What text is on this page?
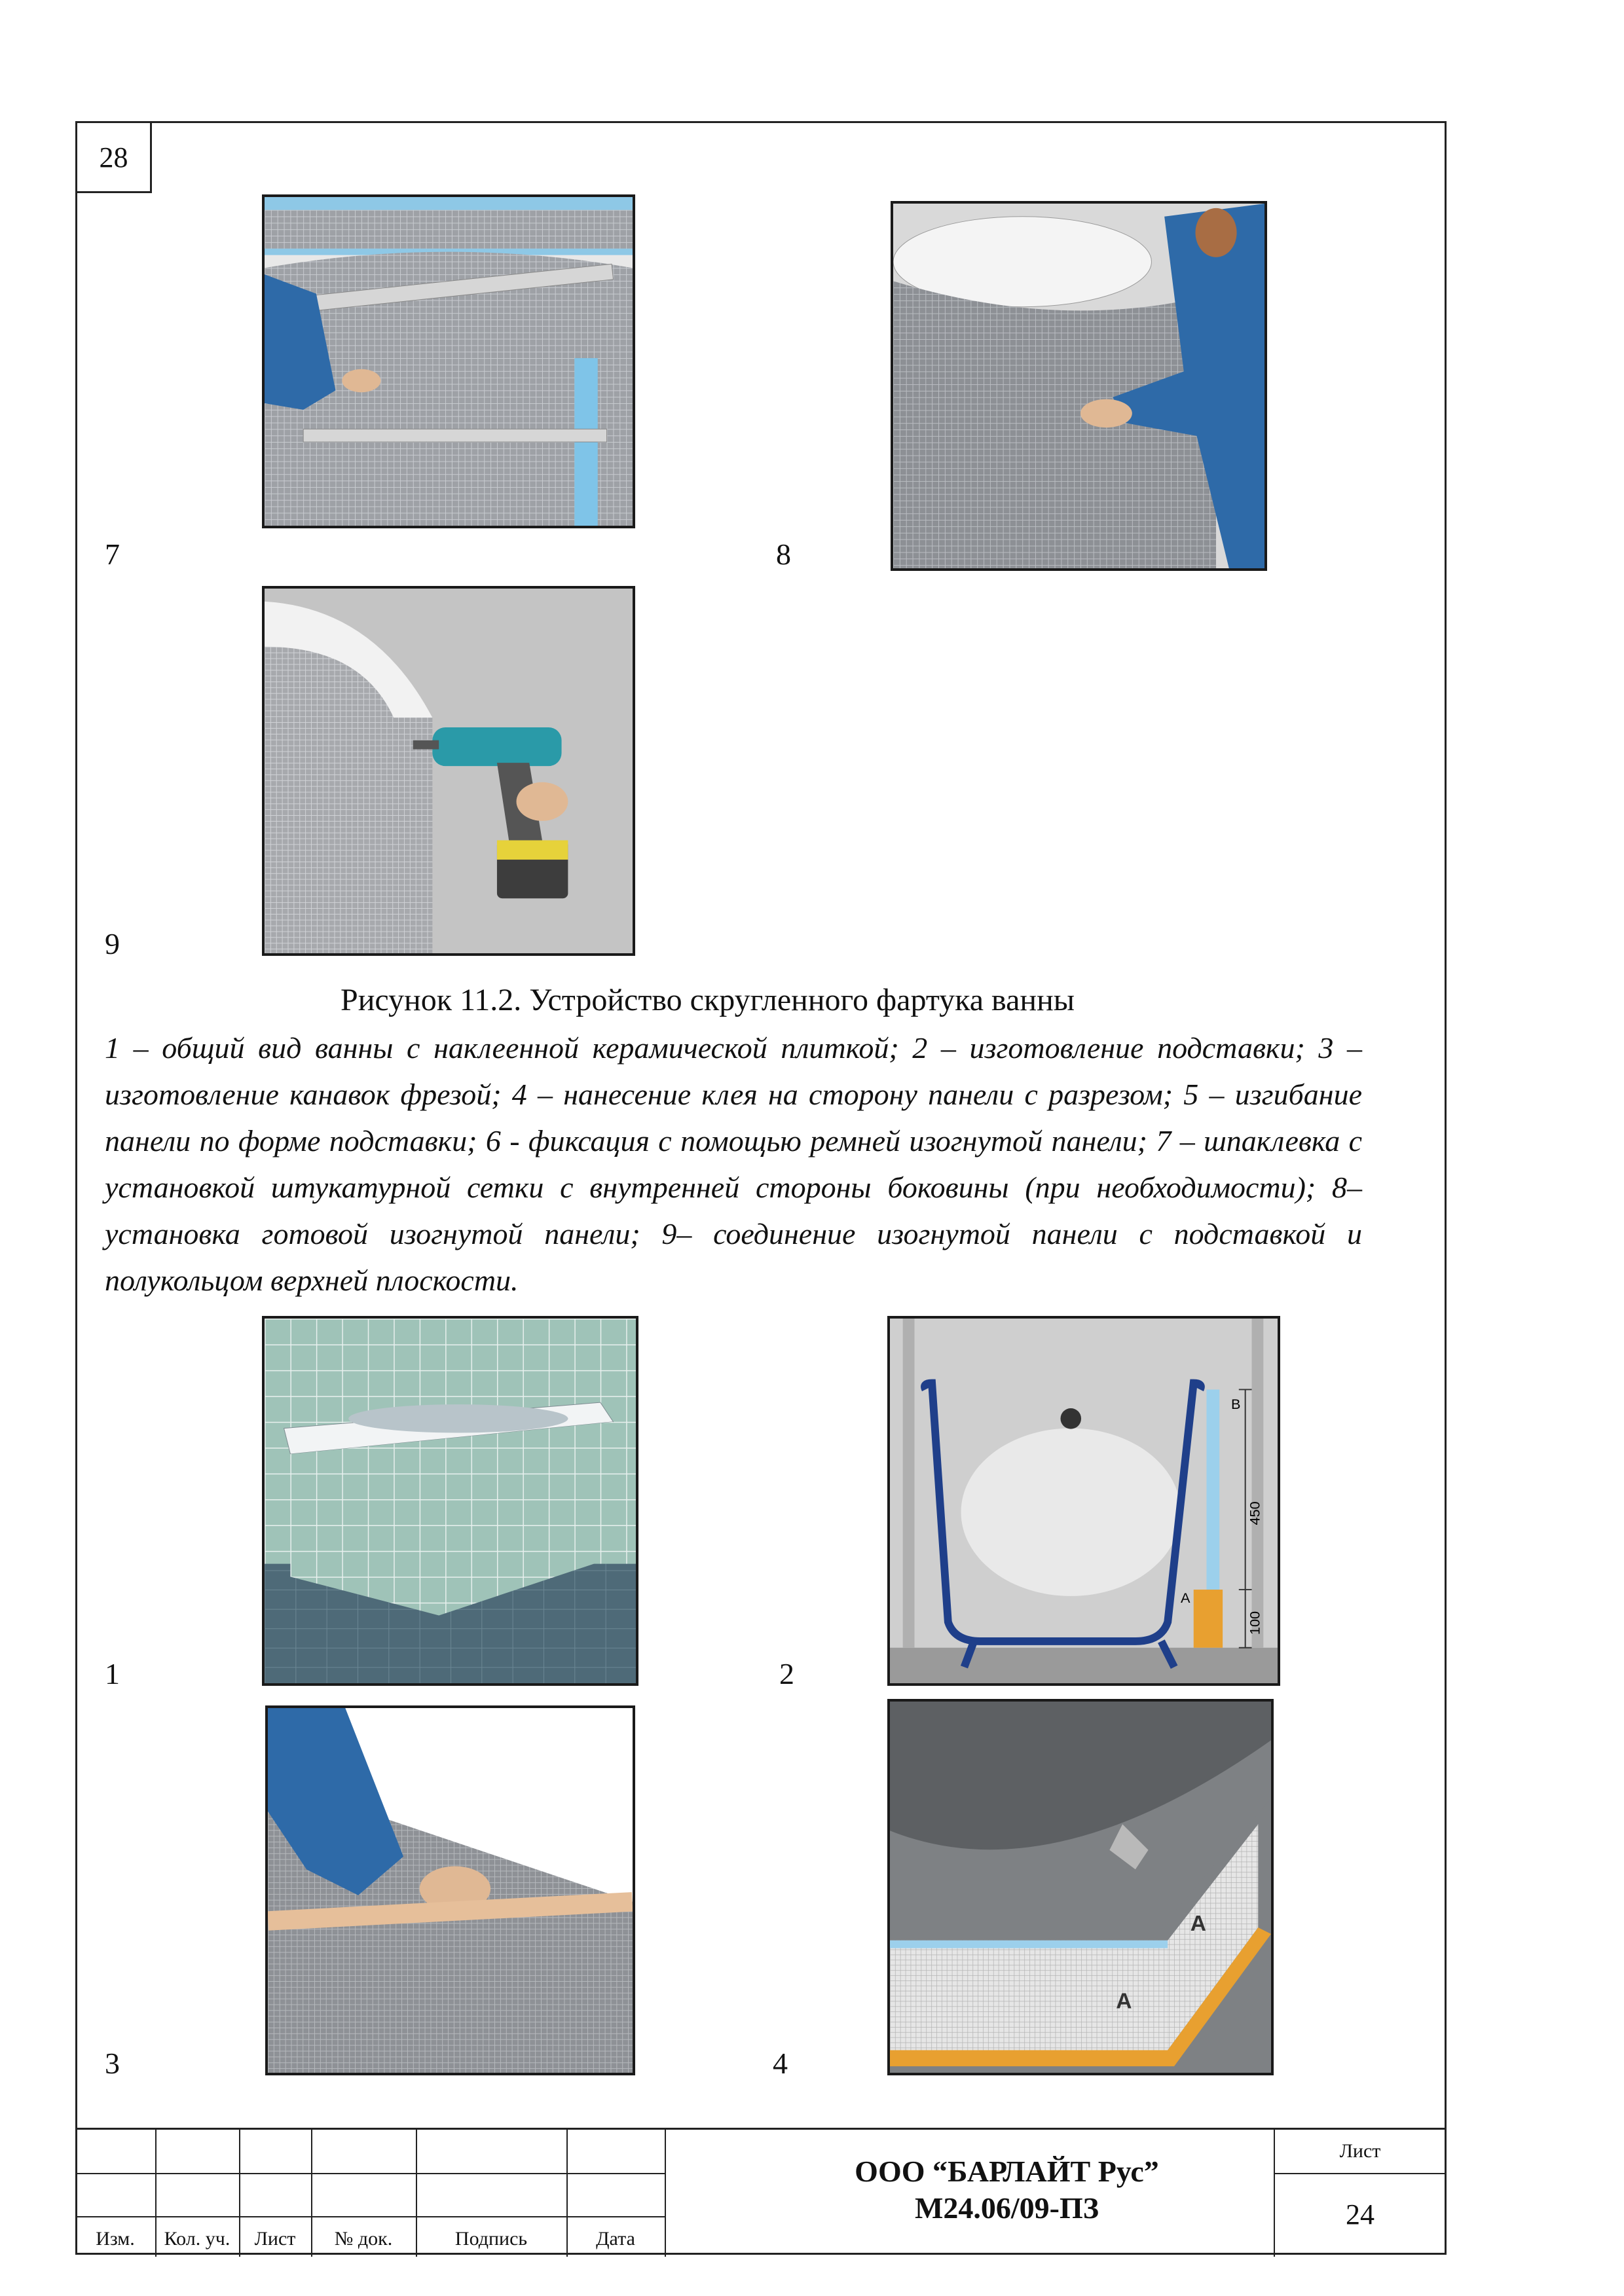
28
7	8
9
Рисунок 11.2. Устройство скругленного фартука ванны

1 – общий вид ванны с наклеенной керамической плиткой; 2 – изготовление подставки; 3 –изготовление канавок фрезой; 4 – нанесение клея на сторону панели с разрезом; 5 – изгибание панели по форме подставки; 6 - фиксация с помощью ремней изогнутой панели; 7 – шпаклевка с установкой штукатурной сетки с внутренней стороны боковины (при необходимости); 8– установка готовой изогнутой панели; 9– соединение изогнутой панели с подставкой и полукольцом верхней плоскости.

1
B
A
450
100
2
3
A
A
4
Изм.	Кол. уч.	Лист	№ док.	Подпись	Дата
ООО “БАРЛАЙТ Рус”
М24.06/09-ПЗ
Лист
24
